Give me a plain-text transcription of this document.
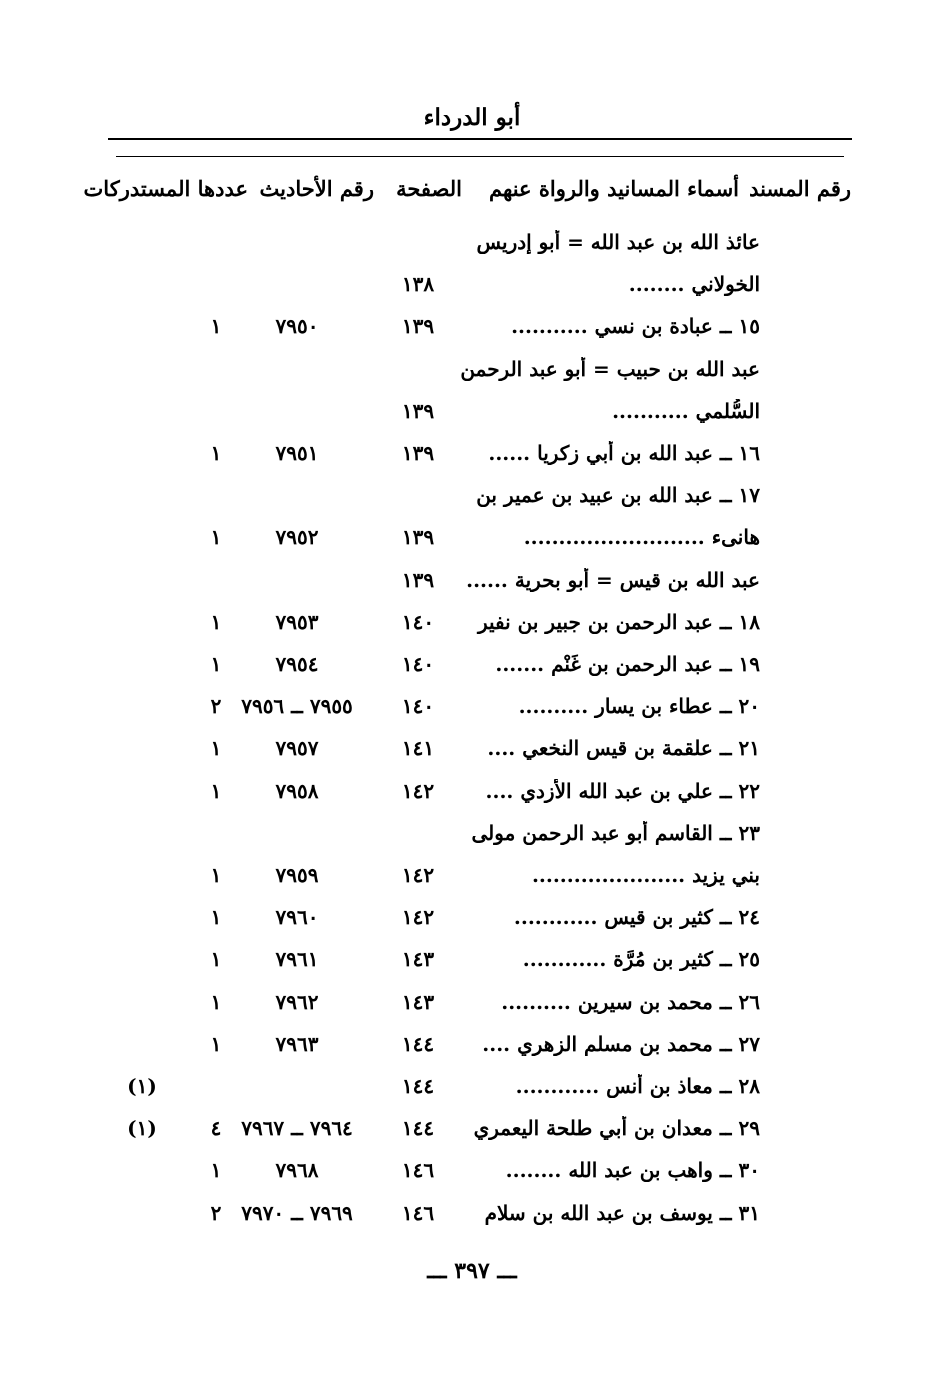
أبو الدرداء
رقم المسند
أسماء المسانيد والرواة عنهم
الصفحة
رقم الأحاديث
عددها المستدركات
عائذ الله بن عبد الله = أبو إدريس
الخولاني ........
١٣٨
١٥ ــ عبادة بن نسي ...........
١٣٩
٧٩٥٠
١
عبد الله بن حبيب = أبو عبد الرحمن
السُّلمي ...........
١٣٩
١٦ ــ عبد الله بن أبي زكريا ......
١٣٩
٧٩٥١
١
١٧ ــ عبد الله بن عبيد بن عمير بن
هانىء ..........................
١٣٩
٧٩٥٢
١
عبد الله بن قيس = أبو بحرية ......
١٣٩
١٨ ــ عبد الرحمن بن جبير بن نفير
١٤٠
٧٩٥٣
١
١٩ ــ عبد الرحمن بن غَنْم .......
١٤٠
٧٩٥٤
١
٢٠ ــ عطاء بن يسار ..........
١٤٠
٧٩٥٥ ــ ٧٩٥٦
٢
٢١ ــ علقمة بن قيس النخعي ....
١٤١
٧٩٥٧
١
٢٢ ــ علي بن عبد الله الأزدي ....
١٤٢
٧٩٥٨
١
٢٣ ــ القاسم أبو عبد الرحمن مولى
بني يزيد ......................
١٤٢
٧٩٥٩
١
٢٤ ــ كثير بن قيس ............
١٤٢
٧٩٦٠
١
٢٥ ــ كثير بن مُرَّة ............
١٤٣
٧٩٦١
١
٢٦ ــ محمد بن سيرين ..........
١٤٣
٧٩٦٢
١
٢٧ ــ محمد بن مسلم الزهري ....
١٤٤
٧٩٦٣
١
٢٨ ــ معاذ بن أنس ............
١٤٤
(١)
٢٩ ــ معدان بن أبي طلحة اليعمري
١٤٤
٧٩٦٤ ــ ٧٩٦٧
٤
(١)
٣٠ ــ واهب بن عبد الله ........
١٤٦
٧٩٦٨
١
٣١ ــ يوسف بن عبد الله بن سلام
١٤٦
٧٩٦٩ ــ ٧٩٧٠
٢
ـــ ٣٩٧ ـــ
